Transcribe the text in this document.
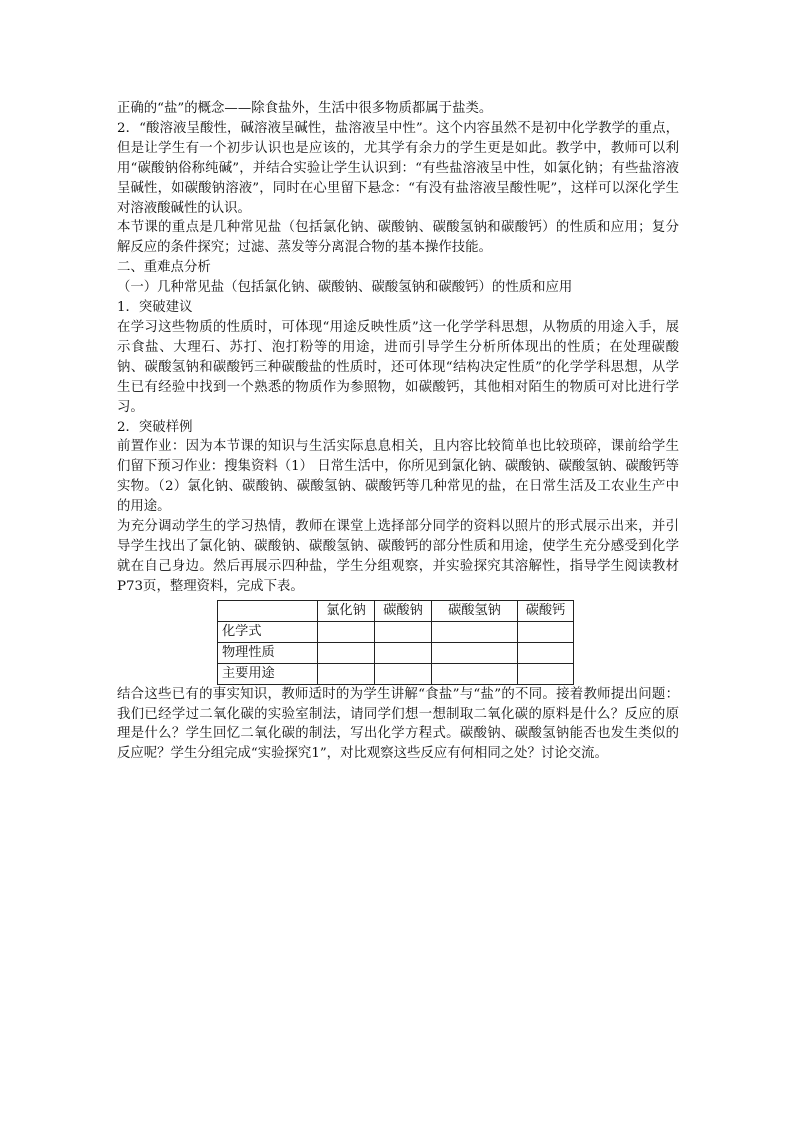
正确的“盐”的概念——除食盐外，生活中很多物质都属于盐类。

2．“酸溶液呈酸性，碱溶液呈碱性，盐溶液呈中性”。这个内容虽然不是初中化学教学的重点，但是让学生有一个初步认识也是应该的，尤其学有余力的学生更是如此。教学中，教师可以利用“碳酸钠俗称纯碱”，并结合实验让学生认识到：“有些盐溶液呈中性，如氯化钠；有些盐溶液呈碱性，如碳酸钠溶液”，同时在心里留下悬念：“有没有盐溶液呈酸性呢”，这样可以深化学生对溶液酸碱性的认识。

本节课的重点是几种常见盐（包括氯化钠、碳酸钠、碳酸氢钠和碳酸钙）的性质和应用；复分解反应的条件探究；过滤、蒸发等分离混合物的基本操作技能。

二、重难点分析

（一）几种常见盐（包括氯化钠、碳酸钠、碳酸氢钠和碳酸钙）的性质和应用

1．突破建议

在学习这些物质的性质时，可体现“用途反映性质”这一化学学科思想，从物质的用途入手，展示食盐、大理石、苏打、泡打粉等的用途，进而引导学生分析所体现出的性质；在处理碳酸钠、碳酸氢钠和碳酸钙三种碳酸盐的性质时，还可体现“结构决定性质”的化学学科思想，从学生已有经验中找到一个熟悉的物质作为参照物，如碳酸钙，其他相对陌生的物质可对比进行学习。

2．突破样例

前置作业：因为本节课的知识与生活实际息息相关，且内容比较简单也比较琐碎，课前给学生们留下预习作业：搜集资料（1） 日常生活中，你所见到氯化钠、碳酸钠、碳酸氢钠、碳酸钙等实物。（2）氯化钠、碳酸钠、碳酸氢钠、碳酸钙等几种常见的盐，在日常生活及工农业生产中的用途。

为充分调动学生的学习热情，教师在课堂上选择部分同学的资料以照片的形式展示出来，并引导学生找出了氯化钠、碳酸钠、碳酸氢钠、碳酸钙的部分性质和用途，使学生充分感受到化学就在自己身边。然后再展示四种盐，学生分组观察，并实验探究其溶解性，指导学生阅读教材P73页，整理资料，完成下表。

	氯化钠	碳酸钠	碳酸氢钠	碳酸钙
化学式				
物理性质				
主要用途				

结合这些已有的事实知识，教师适时的为学生讲解“食盐”与“盐”的不同。接着教师提出问题：我们已经学过二氧化碳的实验室制法，请同学们想一想制取二氧化碳的原料是什么？反应的原理是什么？学生回忆二氧化碳的制法，写出化学方程式。碳酸钠、碳酸氢钠能否也发生类似的反应呢？学生分组完成“实验探究1”，对比观察这些反应有何相同之处？讨论交流。
